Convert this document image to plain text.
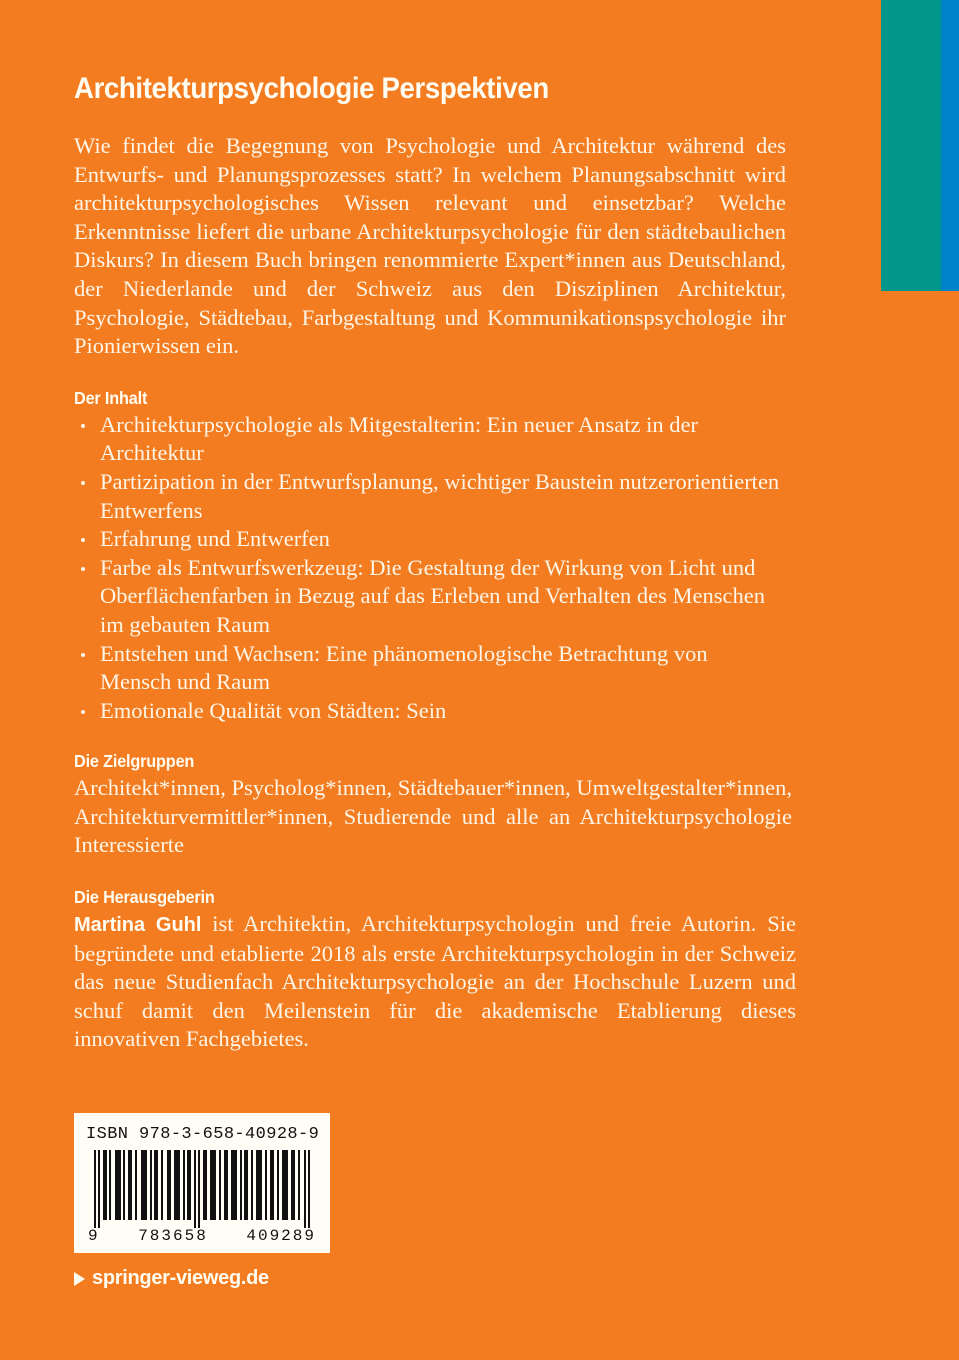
Architekturpsychologie Perspektiven

Wie findet die Begegnung von Psychologie und Architektur während des Entwurfs- und Planungsprozesses statt? In welchem Planungsabschnitt wird architekturpsychologisches Wissen relevant und einsetzbar? Welche Erkenntnisse liefert die urbane Architekturpsychologie für den städtebaulichen Diskurs? In diesem Buch bringen renommierte Expert*innen aus Deutschland, der Niederlande und der Schweiz aus den Disziplinen Architektur, Psychologie, Städtebau, Farbgestaltung und Kommunikationspsychologie ihr Pionierwissen ein.

Der Inhalt
Architekturpsychologie als Mitgestalterin: Ein neuer Ansatz in der Architektur
Partizipation in der Entwurfsplanung, wichtiger Baustein nutzerorientierten Entwerfens
Erfahrung und Entwerfen
Farbe als Entwurfswerkzeug: Die Gestaltung der Wirkung von Licht und Oberflächenfarben in Bezug auf das Erleben und Verhalten des Menschen im gebauten Raum
Entstehen und Wachsen: Eine phänomenologische Betrachtung von Mensch und Raum
Emotionale Qualität von Städten: Sein
Die Zielgruppen

Architekt*innen, Psycholog*innen, Städtebauer*innen, Umweltgestalter*innen, Architekturvermittler*innen, Studierende und alle an Architekturpsychologie Interessierte

Die Herausgeberin

Martina Guhl ist Architektin, Architekturpsychologin und freie Autorin. Sie begründete und etablierte 2018 als erste Architekturpsychologin in der Schweiz das neue Studienfach Architekturpsychologie an der Hochschule Luzern und schuf damit den Meilenstein für die akademische Etablierung dieses innovativen Fachgebietes.

ISBN 978-3-658-40928-9
9 783658 409289
springer-vieweg.de
